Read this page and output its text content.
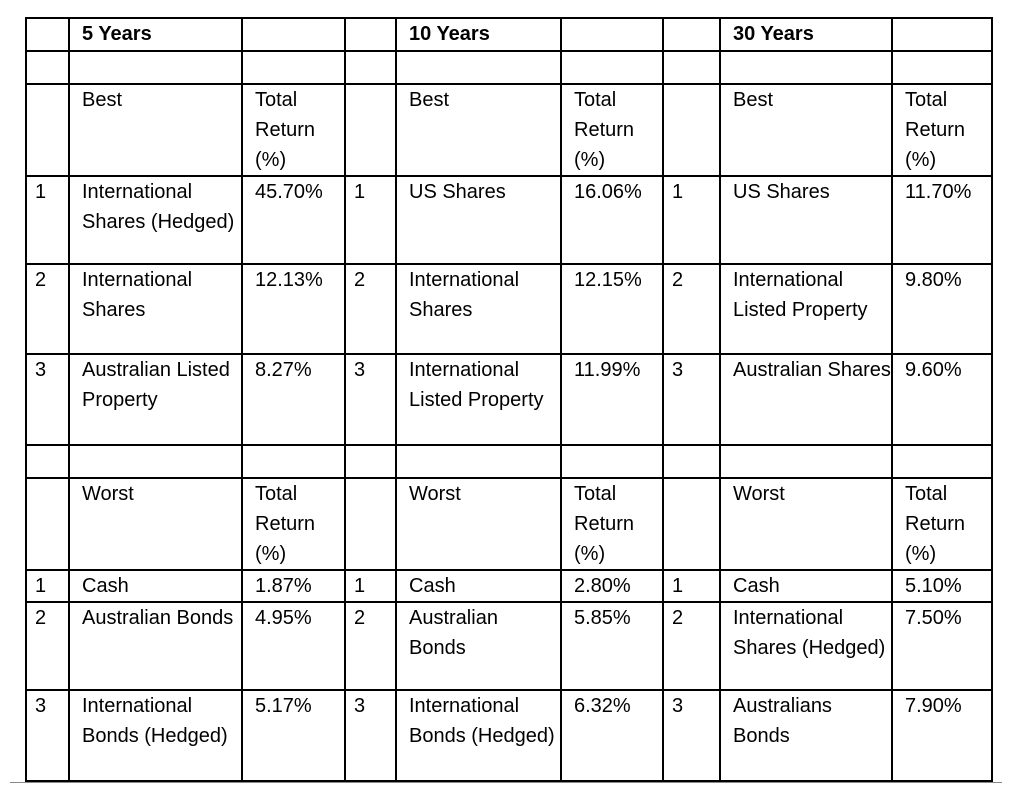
	5 Years			10 Years			30 Years	

	Best	Total Return (%)		Best	Total Return (%)		Best	Total Return (%)
1	International Shares (Hedged)	45.70%	1	US Shares	16.06%	1	US Shares	11.70%
2	International Shares	12.13%	2	International Shares	12.15%	2	International Listed Property	9.80%
3	Australian Listed Property	8.27%	3	International Listed Property	11.99%	3	Australian Shares	9.60%

	Worst	Total Return (%)		Worst	Total Return (%)		Worst	Total Return (%)
1	Cash	1.87%	1	Cash	2.80%	1	Cash	5.10%
2	Australian Bonds	4.95%	2	Australian Bonds	5.85%	2	International Shares (Hedged)	7.50%
3	International Bonds (Hedged)	5.17%	3	International Bonds (Hedged)	6.32%	3	Australians Bonds	7.90%
